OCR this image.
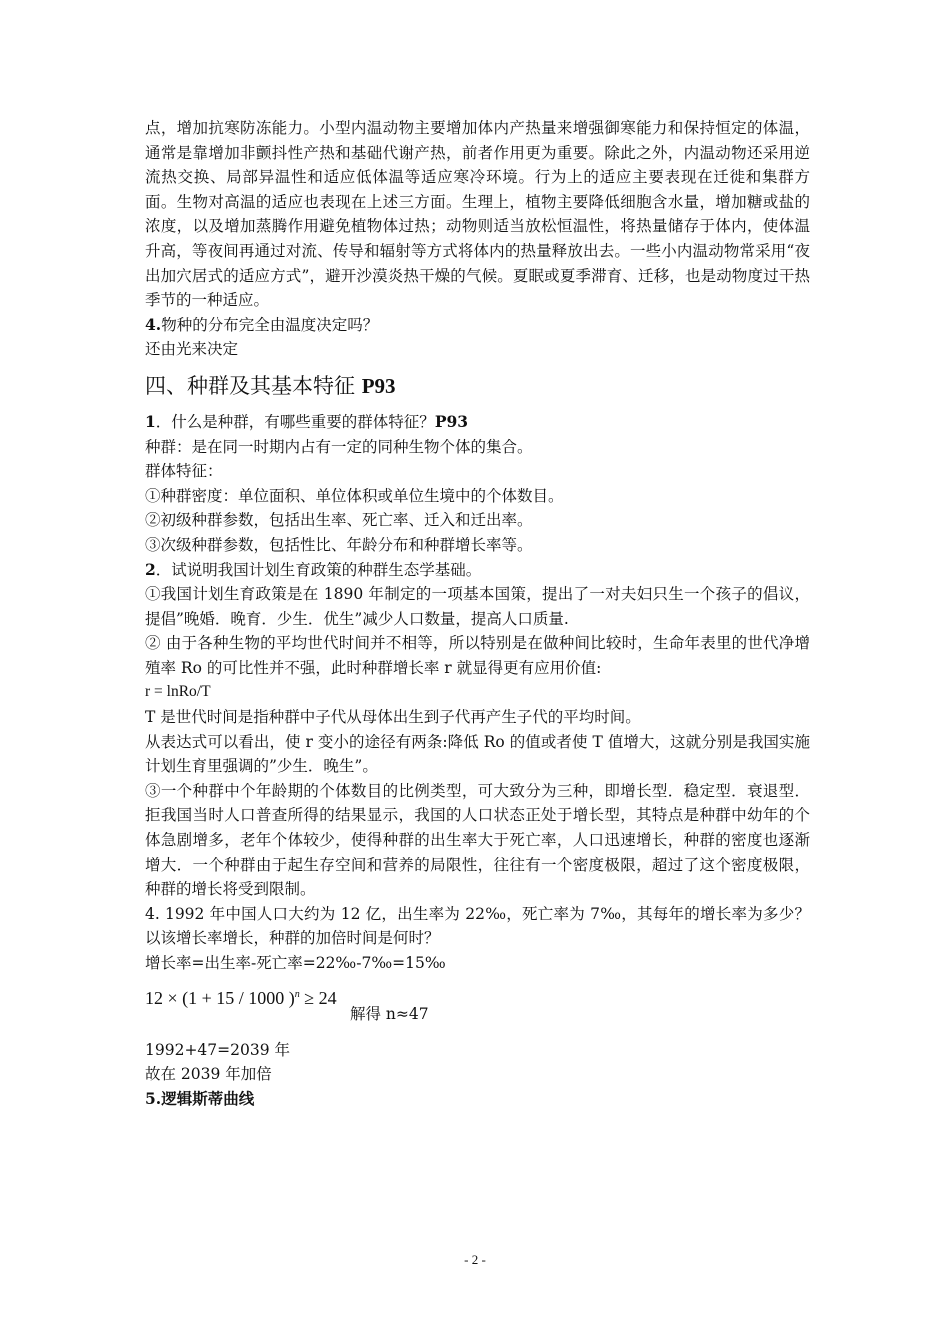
点，增加抗寒防冻能力。小型内温动物主要增加体内产热量来增强御寒能力和保持恒定的体温，通常是靠增加非颤抖性产热和基础代谢产热，前者作用更为重要。除此之外，内温动物还采用逆流热交换、局部异温性和适应低体温等适应寒冷环境。行为上的适应主要表现在迁徙和集群方面。生物对高温的适应也表现在上述三方面。生理上，植物主要降低细胞含水量，增加糖或盐的浓度，以及增加蒸腾作用避免植物体过热；动物则适当放松恒温性，将热量储存于体内，使体温升高，等夜间再通过对流、传导和辐射等方式将体内的热量释放出去。一些小内温动物常采用“夜出加穴居式的适应方式”，避开沙漠炎热干燥的气候。夏眠或夏季滞育、迁移，也是动物度过干热季节的一种适应。

4.物种的分布完全由温度决定吗？

还由光来决定

四、种群及其基本特征 P93

1．什么是种群，有哪些重要的群体特征？P93

种群：是在同一时期内占有一定的同种生物个体的集合。

群体特征：

①种群密度：单位面积、单位体积或单位生境中的个体数目。

②初级种群参数，包括出生率、死亡率、迁入和迁出率。

③次级种群参数，包括性比、年龄分布和种群增长率等。

2．试说明我国计划生育政策的种群生态学基础。

①我国计划生育政策是在 1890 年制定的一项基本国策，提出了一对夫妇只生一个孩子的倡议，提倡”晚婚．晚育．少生．优生”减少人口数量，提高人口质量.

② 由于各种生物的平均世代时间并不相等，所以特别是在做种间比较时，生命年表里的世代净增殖率 Ro 的可比性并不强，此时种群增长率 r 就显得更有应用价值:

r = lnRo/T

T 是世代时间是指种群中子代从母体出生到子代再产生子代的平均时间。

从表达式可以看出，使 r 变小的途径有两条:降低 Ro 的值或者使 T 值增大，这就分别是我国实施计划生育里强调的”少生．晚生”。

③一个种群中个年龄期的个体数目的比例类型，可大致分为三种，即增长型．稳定型．衰退型．拒我国当时人口普查所得的结果显示，我国的人口状态正处于增长型，其特点是种群中幼年的个体急剧增多，老年个体较少，使得种群的出生率大于死亡率，人口迅速增长，种群的密度也逐渐增大．一个种群由于起生存空间和营养的局限性，往往有一个密度极限，超过了这个密度极限，种群的增长将受到限制。

4. 1992 年中国人口大约为 12 亿，出生率为 22‰，死亡率为 7‰，其每年的增长率为多少？以该增长率增长，种群的加倍时间是何时？

增长率=出生率-死亡率=22‰-7‰=15‰

12 × (1 + 15 / 1000 )$^n$ ≥ 24
解得 n≈47

1992+47=2039 年

故在 2039 年加倍

5.逻辑斯蒂曲线

- 2 -
